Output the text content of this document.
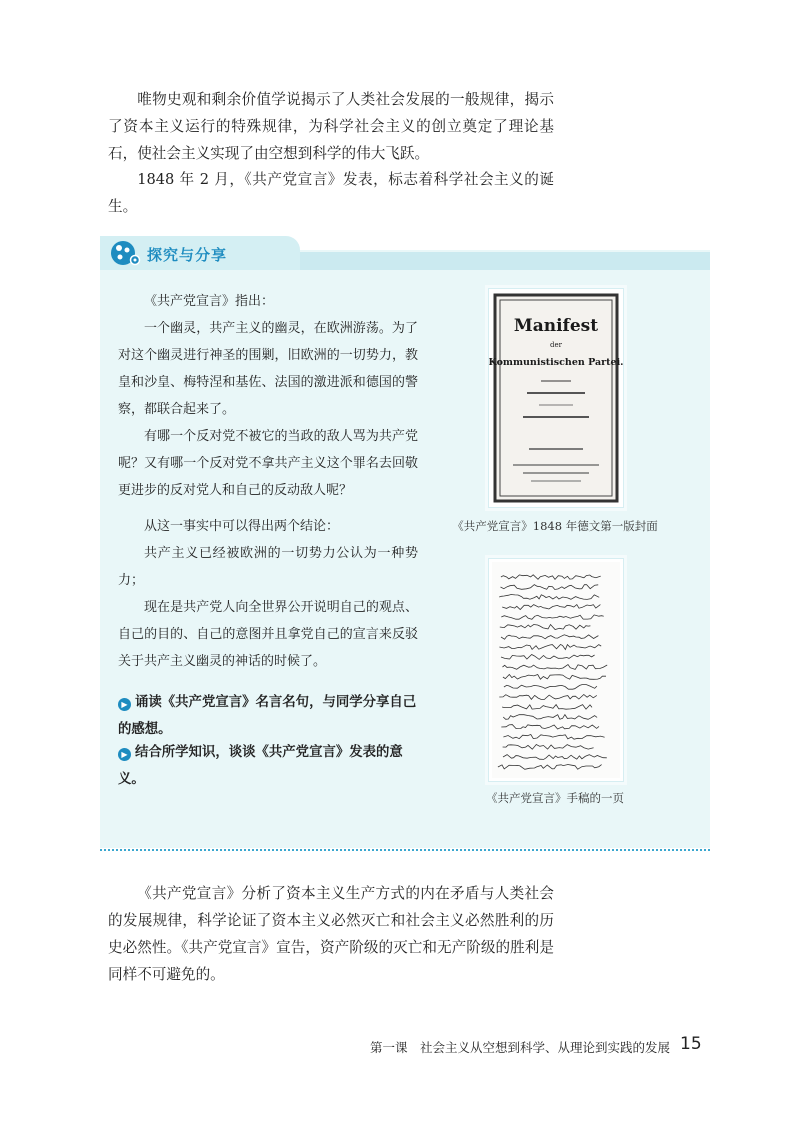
唯物史观和剩余价值学说揭示了人类社会发展的一般规律，揭示了资本主义运行的特殊规律，为科学社会主义的创立奠定了理论基石，使社会主义实现了由空想到科学的伟大飞跃。

1848 年 2 月，《共产党宣言》发表，标志着科学社会主义的诞生。

探究与分享

《共产党宣言》指出：

一个幽灵，共产主义的幽灵，在欧洲游荡。为了对这个幽灵进行神圣的围剿，旧欧洲的一切势力，教皇和沙皇、梅特涅和基佐、法国的激进派和德国的警察，都联合起来了。

有哪一个反对党不被它的当政的敌人骂为共产党呢？又有哪一个反对党不拿共产主义这个罪名去回敬更进步的反对党人和自己的反动敌人呢？

从这一事实中可以得出两个结论：

共产主义已经被欧洲的一切势力公认为一种势力；

现在是共产党人向全世界公开说明自己的观点、自己的目的、自己的意图并且拿党自己的宣言来反驳关于共产主义幽灵的神话的时候了。

▶ 诵读《共产党宣言》名言名句，与同学分享自己的感想。

▶ 结合所学知识，谈谈《共产党宣言》发表的意义。

Manifest
der
Kommunistischen Partei.
《共产党宣言》1848 年德文第一版封面
《共产党宣言》手稿的一页

《共产党宣言》分析了资本主义生产方式的内在矛盾与人类社会的发展规律，科学论证了资本主义必然灭亡和社会主义必然胜利的历史必然性。《共产党宣言》宣告，资产阶级的灭亡和无产阶级的胜利是同样不可避免的。

第一课　社会主义从空想到科学、从理论到实践的发展 15
